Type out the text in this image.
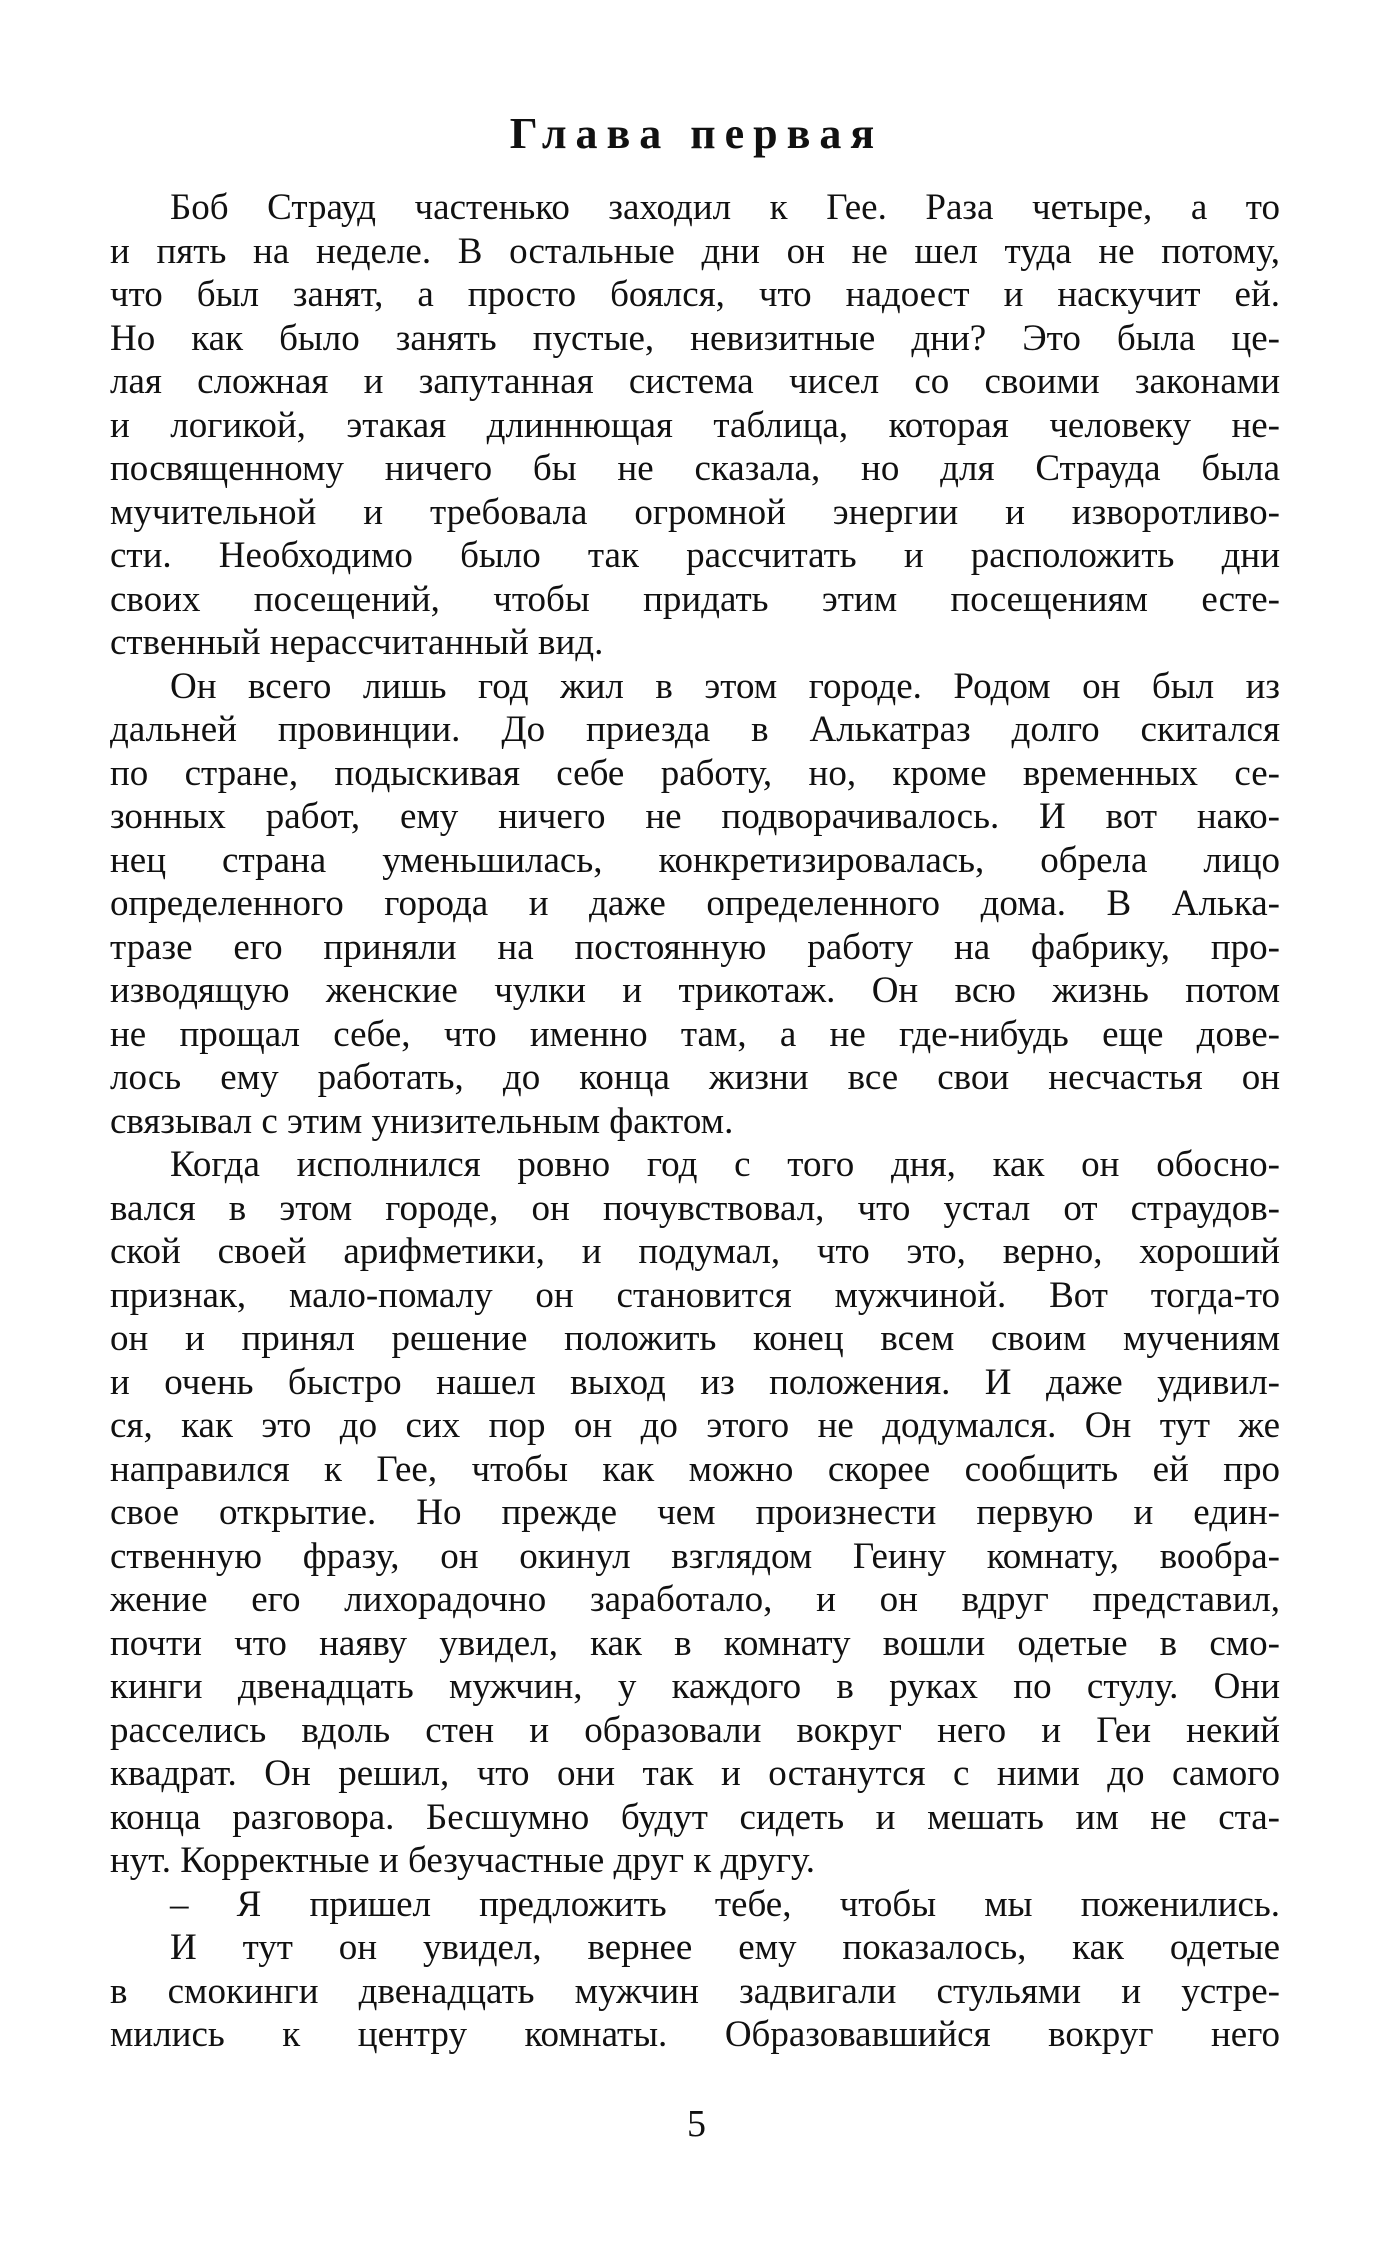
Глава первая
Боб Страуд частенько заходил к Гее. Раза четыре, а то
и пять на неделе. В остальные дни он не шел туда не потому,
что был занят, а просто боялся, что надоест и наскучит ей.
Но как было занять пустые, невизитные дни? Это была це-
лая сложная и запутанная система чисел со своими законами
и логикой, этакая длиннющая таблица, которая человеку не-
посвященному ничего бы не сказала, но для Страуда была
мучительной и требовала огромной энергии и изворотливо-
сти. Необходимо было так рассчитать и расположить дни
своих посещений, чтобы придать этим посещениям есте-
ственный нерассчитанный вид.
Он всего лишь год жил в этом городе. Родом он был из
дальней провинции. До приезда в Алькатраз долго скитался
по стране, подыскивая себе работу, но, кроме временных се-
зонных работ, ему ничего не подворачивалось. И вот нако-
нец страна уменьшилась, конкретизировалась, обрела лицо
определенного города и даже определенного дома. В Алька-
тразе его приняли на постоянную работу на фабрику, про-
изводящую женские чулки и трикотаж. Он всю жизнь потом
не прощал себе, что именно там, а не где-нибудь еще дове-
лось ему работать, до конца жизни все свои несчастья он
связывал с этим унизительным фактом.
Когда исполнился ровно год с того дня, как он обосно-
вался в этом городе, он почувствовал, что устал от страудов-
ской своей арифметики, и подумал, что это, верно, хороший
признак, мало-помалу он становится мужчиной. Вот тогда-то
он и принял решение положить конец всем своим мучениям
и очень быстро нашел выход из положения. И даже удивил-
ся, как это до сих пор он до этого не додумался. Он тут же
направился к Гее, чтобы как можно скорее сообщить ей про
свое открытие. Но прежде чем произнести первую и един-
ственную фразу, он окинул взглядом Геину комнату, вообра-
жение его лихорадочно заработало, и он вдруг представил,
почти что наяву увидел, как в комнату вошли одетые в смо-
кинги двенадцать мужчин, у каждого в руках по стулу. Они
расселись вдоль стен и образовали вокруг него и Геи некий
квадрат. Он решил, что они так и останутся с ними до самого
конца разговора. Бесшумно будут сидеть и мешать им не ста-
нут. Корректные и безучастные друг к другу.
– Я пришел предложить тебе, чтобы мы поженились.
И тут он увидел, вернее ему показалось, как одетые
в смокинги двенадцать мужчин задвигали стульями и устре-
мились к центру комнаты. Образовавшийся вокруг него
5
